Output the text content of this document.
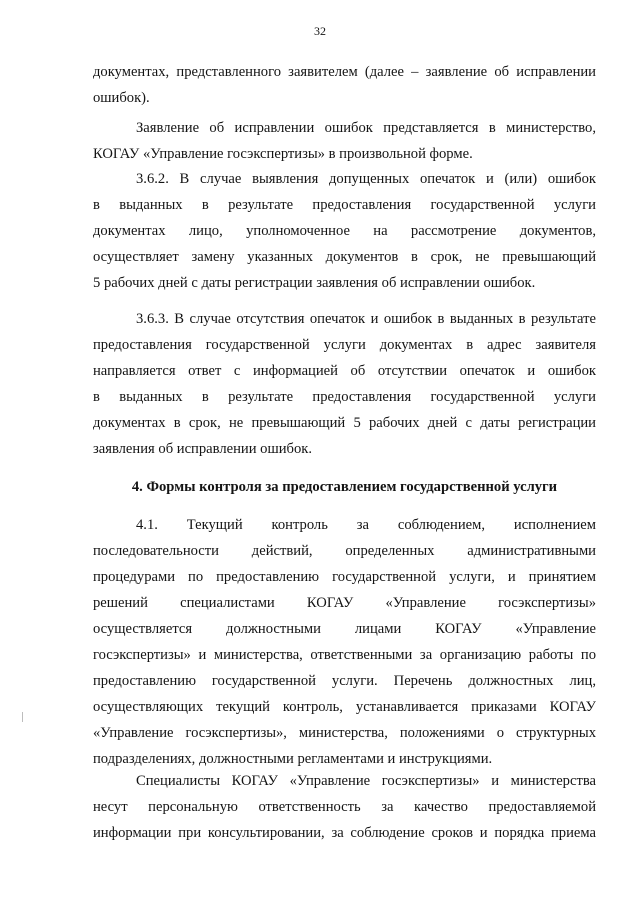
32
документах, представленного заявителем (далее – заявление об исправлении
ошибок).
Заявление об исправлении ошибок представляется в министерство,
КОГАУ «Управление госэкспертизы» в произвольной форме.
3.6.2. В случае выявления допущенных опечаток и (или) ошибок
в выданных в результате предоставления государственной услуги
документах лицо, уполномоченное на рассмотрение документов,
осуществляет замену указанных документов в срок, не превышающий
5 рабочих дней с даты регистрации заявления об исправлении ошибок.
3.6.3. В случае отсутствия опечаток и ошибок в выданных в результате
предоставления государственной услуги документах в адрес заявителя
направляется ответ с информацией об отсутствии опечаток и ошибок
в выданных в результате предоставления государственной услуги
документах в срок, не превышающий 5 рабочих дней с даты регистрации
заявления об исправлении ошибок.
4. Формы контроля за предоставлением государственной услуги
4.1. Текущий контроль за соблюдением, исполнением
последовательности действий, определенных административными
процедурами по предоставлению государственной услуги, и принятием
решений специалистами КОГАУ «Управление госэкспертизы»
осуществляется должностными лицами КОГАУ «Управление
госэкспертизы» и министерства, ответственными за организацию работы по
предоставлению государственной услуги. Перечень должностных лиц,
осуществляющих текущий контроль, устанавливается приказами КОГАУ
«Управление госэкспертизы», министерства, положениями о структурных
подразделениях, должностными регламентами и инструкциями.
Специалисты КОГАУ «Управление госэкспертизы» и министерства
несут персональную ответственность за качество предоставляемой
информации при консультировании, за соблюдение сроков и порядка приема
